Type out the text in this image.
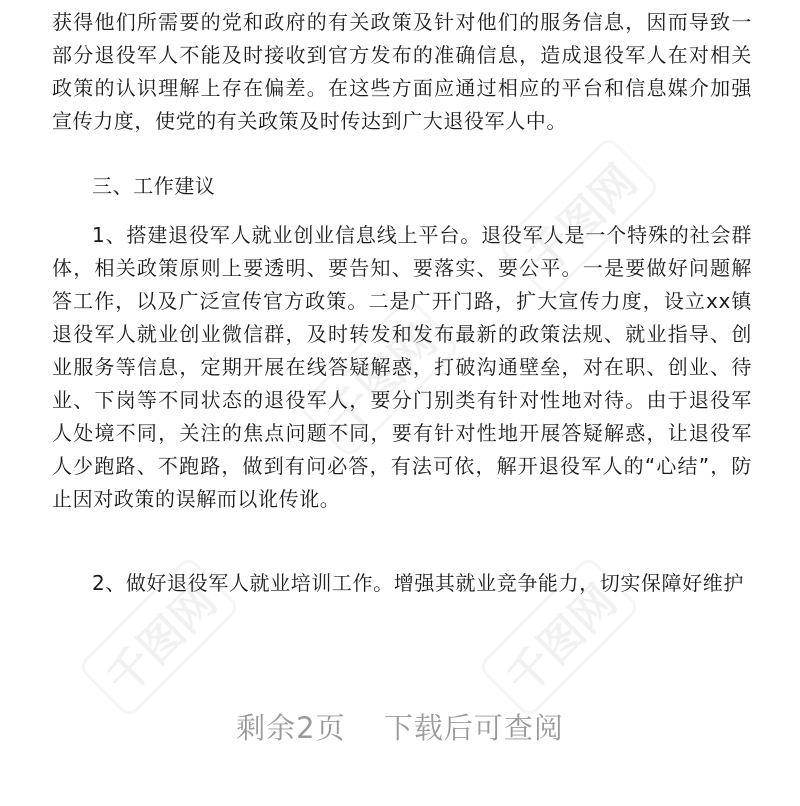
千图网
千图网
千图网	千图网

获得他们所需要的党和政府的有关政策及针对他们的服务信息，因而导致一部分退役军人不能及时接收到官方发布的准确信息，造成退役军人在对相关政策的认识理解上存在偏差。在这些方面应通过相应的平台和信息媒介加强宣传力度，使党的有关政策及时传达到广大退役军人中。

三、工作建议

1、搭建退役军人就业创业信息线上平台。退役军人是一个特殊的社会群体，相关政策原则上要透明、要告知、要落实、要公平。一是要做好问题解答工作，以及广泛宣传官方政策。二是广开门路，扩大宣传力度，设立xx镇退役军人就业创业微信群，及时转发和发布最新的政策法规、就业指导、创业服务等信息，定期开展在线答疑解惑，打破沟通壁垒，对在职、创业、待业、下岗等不同状态的退役军人，要分门别类有针对性地对待。由于退役军人处境不同，关注的焦点问题不同，要有针对性地开展答疑解惑，让退役军人少跑路、不跑路，做到有问必答，有法可依，解开退役军人的“心结”，防止因对政策的误解而以讹传讹。

2、做好退役军人就业培训工作。增强其就业竞争能力，切实保障好维护

剩余2页 下载后可查阅
